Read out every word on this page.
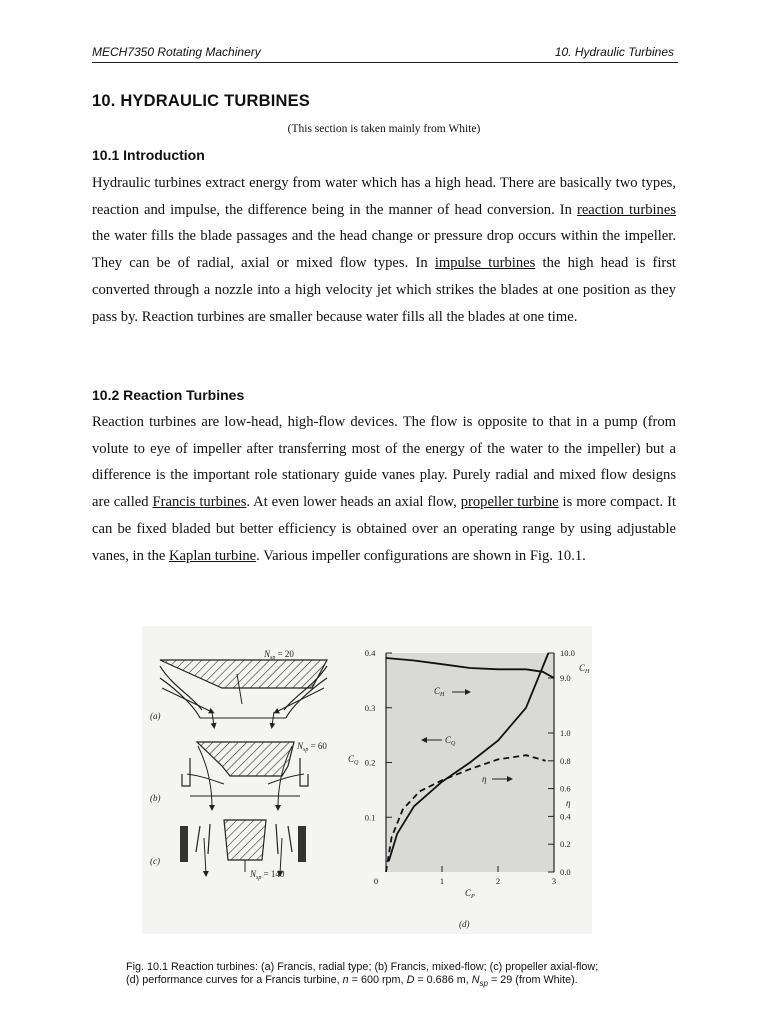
MECH7350 Rotating Machinery	10. Hydraulic Turbines
10. HYDRAULIC TURBINES
(This section is taken mainly from White)
10.1 Introduction
Hydraulic turbines extract energy from water which has a high head. There are basically two types, reaction and impulse, the difference being in the manner of head conversion. In reaction turbines the water fills the blade passages and the head change or pressure drop occurs within the impeller. They can be of radial, axial or mixed flow types. In impulse turbines the high head is first converted through a nozzle into a high velocity jet which strikes the blades at one position as they pass by. Reaction turbines are smaller because water fills all the blades at one time.
10.2 Reaction Turbines
Reaction turbines are low-head, high-flow devices. The flow is opposite to that in a pump (from volute to eye of impeller after transferring most of the energy of the water to the impeller) but a difference is the important role stationary guide vanes play. Purely radial and mixed flow designs are called Francis turbines. At even lower heads an axial flow, propeller turbine is more compact. It can be fixed bladed but better efficiency is obtained over an operating range by using adjustable vanes, in the Kaplan turbine. Various impeller configurations are shown in Fig. 10.1.
(a)
(b)
(c)
(d)
$N_{sp} = 20$
$N_{sp} = 60$
$N_{sp} = 140$
0.4
0.3
0.2
0.1
10.0
9.0
1.0
0.8
0.6
0.4
0.2
0.0
0	1	2	3
$C_H$
$C_Q$
η
$C_Q$
$C_P$
$C_H$
η
Fig. 10.1 Reaction turbines: (a) Francis, radial type; (b) Francis, mixed-flow; (c) propeller axial-flow;
(d) performance curves for a Francis turbine, n = 600 rpm, D = 0.686 m, $N_{sp} = 29$ (from White).
